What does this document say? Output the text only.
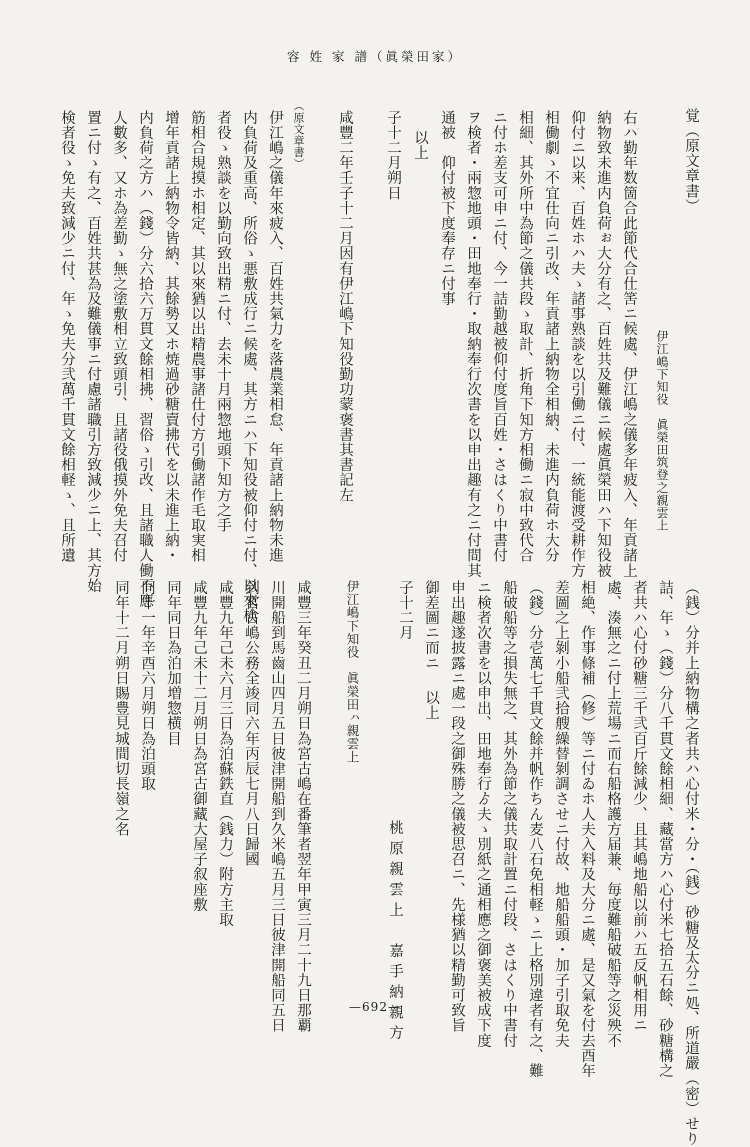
容 姓 家 譜（眞榮田家）
覚（原文章書）
伊江嶋下知役　眞榮田筑登之親雲上
右ハ勤年数箇合此節代合仕筈ニ候處、伊江嶋之儀多年疲入、年貢諸上
納物致未進内負荷ぉ大分有之、百姓共及難儀ニ候處眞榮田ハ下知役被
仰付ニ以来、百姓ホハ夫ゝ諸事熟談を以引働ニ付、一統能渡受耕作方
相働劇ゝ不宜仕向ニ引改、年貢諸上納物全相納、未進内負荷ホ大分
相細、其外所中為節之儀共段ゝ取計、折角下知方相働ニ寂中致代合
ニ付ホ差支可申ニ付、今一詰勤越被仰付度旨百姓・さはくり中書付
ヲ検者・兩惣地頭・田地奉行・取納奉行次書を以申出趣有之ニ付間其
通被　仰付被下度奉存ニ付事
以上
子十二月朔日
咸豐二年壬子十二月因有伊江嶋下知役勤功蒙褒書其書記左
（原文章書）
伊江嶋之儀年來疲入、百姓共氣力を落農業相怠、年貢諸上納物未進
内負荷及重高、所俗ゝ悪敷成行ニ候處、其方ニハ下知役被仰付ニ付、以來検
者役ゝ熟談を以勤向致出精ニ付、去未十月兩惣地頭下知方之手
筋相合規摸ホ相定、其以來猶以出精農事諸仕付方引働諸作毛取実相
增年貢諸上納物令皆納、其餘勢又ホ焼過砂糖賣拂代を以未進上納・
内負荷之方ハ（錢）分六拾六万貫文餘相拂、習俗ゝ引改、且諸職人働不應
人數多、又ホ為差勤ゝ無之塗敷相立致頭引、且諸役俄摸外免夫召付
置ニ付ゝ有之、百姓共甚為及難儀事ニ付慮諸職引方致減少ニ上、其方始
検者役ゝ免夫致減少ニ付、年ゝ免夫分弐萬千貫文餘相軽ゝ、且所遺
（銭）分并上納物構之者共ハ心付米・分・（銭）砂糖及太分ニ処、所道嚴（密）せり
詰、年ゝ（錢）分八千貫文餘相細、藏當方ハ心付米七拾五石餘、砂糖構之
者共ハ心付砂糖三千弐百斤餘減少、且其嶋地船以前ハ五反帆相用ニ
處、湊無之ニ付上荒場ニ而右船格護方届兼、毎度難船破船等之災殃不
相絶、作事條補（修）等ニ付ゐホ人夫入料及大分ニ處、是又氣を付去酉年
差圖之上剝小船弐拾艘繰替剝調させニ付故、地船船頭・加子引取免夫
（錢）分壱萬七千貫文餘并帆作ちん麦八石免相軽ゝニ上格別違者有之、難
船破船等之損失無之、其外為節之儀共取計置ニ付段、さはくり中書付
ニ検者次書を以申出、田地奉行ゟ夫ゝ別紙之通相應之御褒美被成下度
申出趣遂披露ニ處一段之御殊勝之儀被思召ニ、先様猶以精勤可致旨
御差圖ニ而ニ
以上
子十二月
桃原親雲上　嘉手納親方
伊江嶋下知役　眞榮田ㇵ親雲上
咸豐三年癸丑二月朔日為宮古嶋在番筆者翌年甲寅三月二十九日那覇
川開船到馬齒山四月五日彼津開船到久米嶋五月三日彼津開船同五日
到宮古嶋公務全竣同六年丙辰七月八日歸國
咸豐九年己未六月三日為泊蘇鉄直（銭力）附方主取
咸豐九年己未十二月朔日為宮古御藏大屋子叙座敷
同年同日為泊加増惣横目
同十一年辛酉六月朔日為泊頭取
同年十二月朔日賜豊見城間切長嶺之名
—692—
